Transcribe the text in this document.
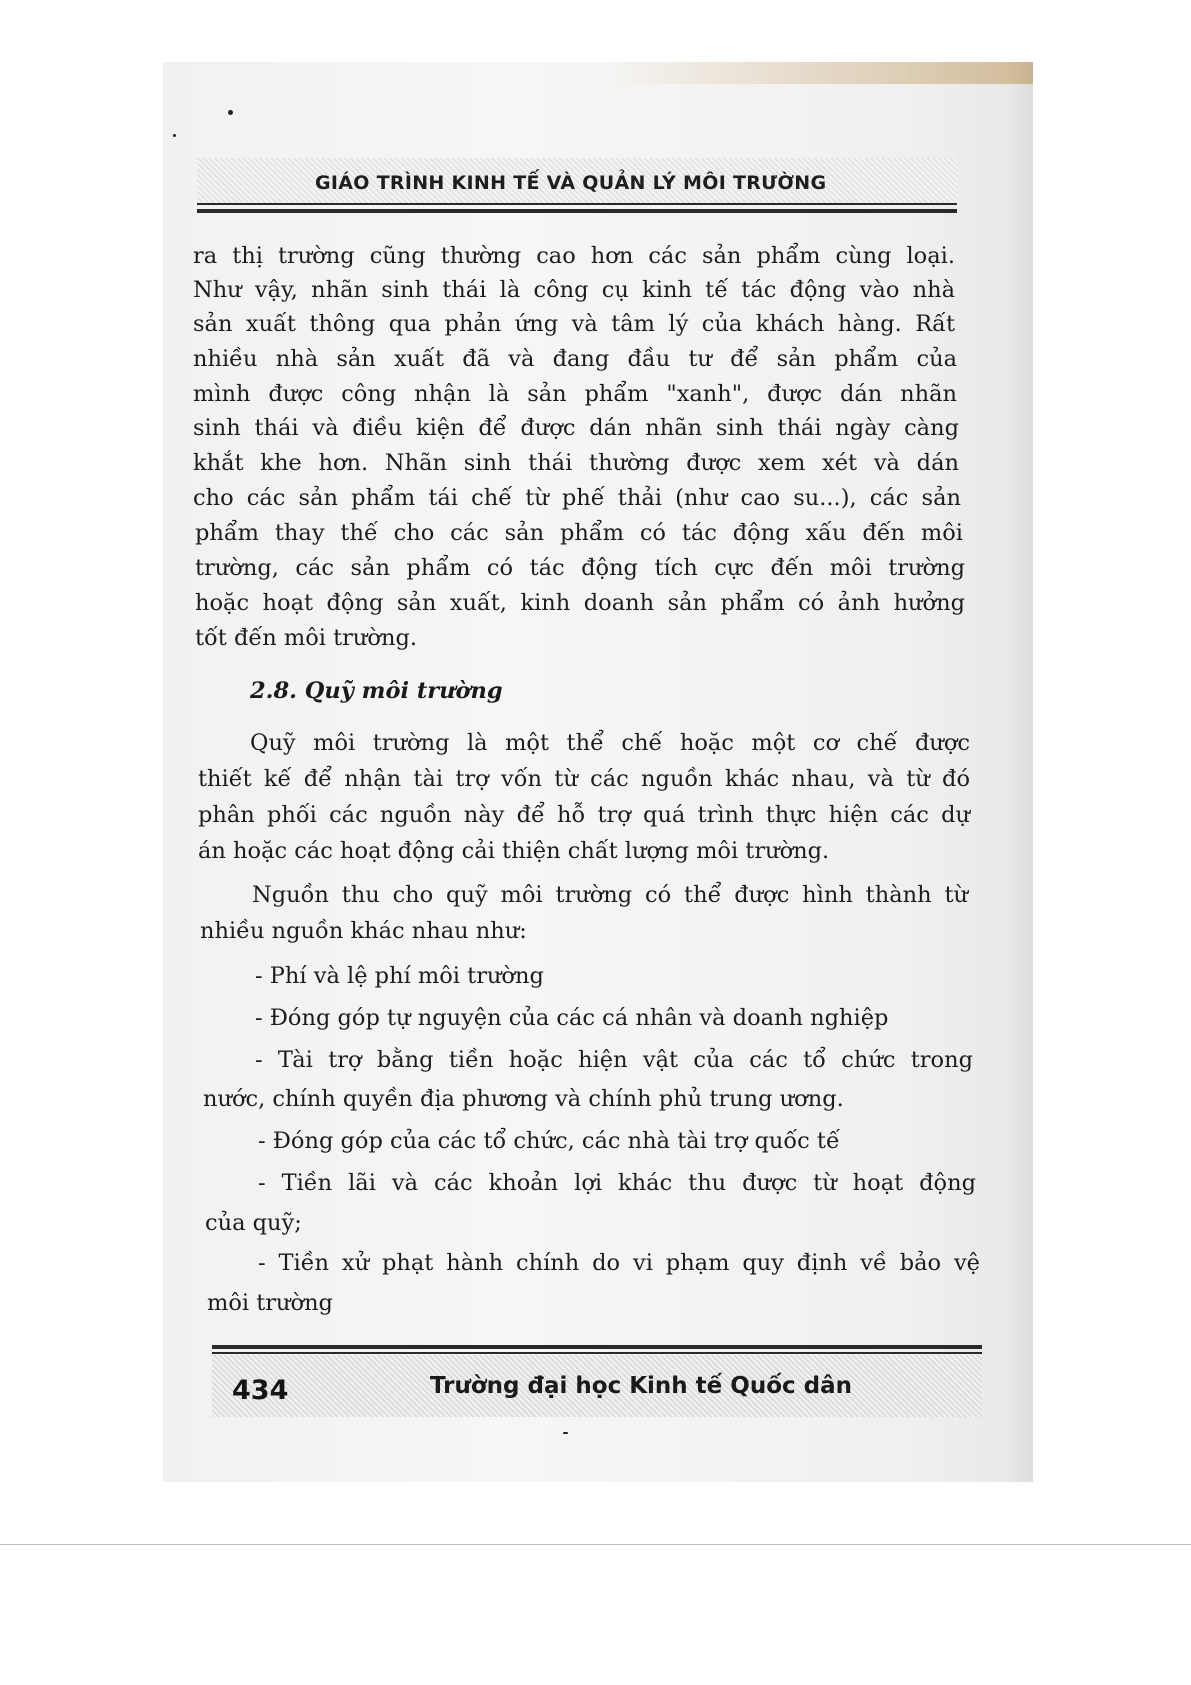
GIÁO TRÌNH KINH TẾ VÀ QUẢN LÝ MÔI TRƯỜNG
ra thị trường cũng thường cao hơn các sản phẩm cùng loại.
Như vậy, nhãn sinh thái là công cụ kinh tế tác động vào nhà
sản xuất thông qua phản ứng và tâm lý của khách hàng. Rất
nhiều nhà sản xuất đã và đang đầu tư để sản phẩm của
mình được công nhận là sản phẩm "xanh", được dán nhãn
sinh thái và điều kiện để được dán nhãn sinh thái ngày càng
khắt khe hơn. Nhãn sinh thái thường được xem xét và dán
cho các sản phẩm tái chế từ phế thải (như cao su...), các sản
phẩm thay thế cho các sản phẩm có tác động xấu đến môi
trường, các sản phẩm có tác động tích cực đến môi trường
hoặc hoạt động sản xuất, kinh doanh sản phẩm có ảnh hưởng
tốt đến môi trường.
2.8. Quỹ môi trường
Quỹ môi trường là một thể chế hoặc một cơ chế được
thiết kế để nhận tài trợ vốn từ các nguồn khác nhau, và từ đó
phân phối các nguồn này để hỗ trợ quá trình thực hiện các dự
án hoặc các hoạt động cải thiện chất lượng môi trường.
Nguồn thu cho quỹ môi trường có thể được hình thành từ
nhiều nguồn khác nhau như:
- Phí và lệ phí môi trường
- Đóng góp tự nguyện của các cá nhân và doanh nghiệp
- Tài trợ bằng tiền hoặc hiện vật của các tổ chức trong
nước, chính quyền địa phương và chính phủ trung ương.
- Đóng góp của các tổ chức, các nhà tài trợ quốc tế
- Tiền lãi và các khoản lợi khác thu được từ hoạt động
của quỹ;
- Tiền xử phạt hành chính do vi phạm quy định về bảo vệ
môi trường
434	Trường đại học Kinh tế Quốc dân
